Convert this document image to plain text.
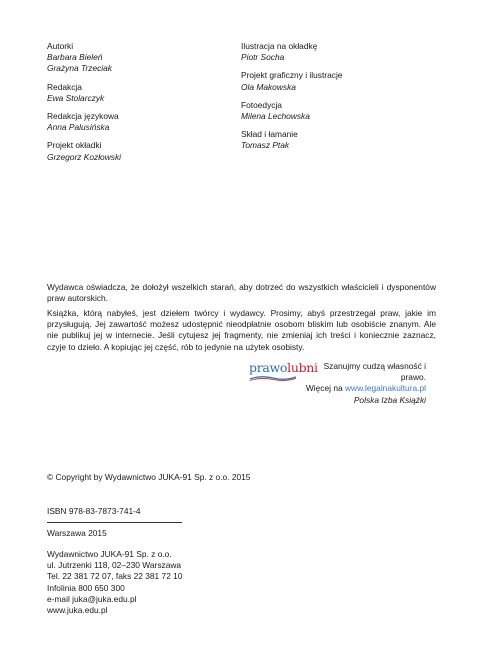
Autorki
Barbara Bieleń
Grażyna Trzeciak
Redakcja
Ewa Stolarczyk
Redakcja językowa
Anna Palusińska
Projekt okładki
Grzegorz Kozłowski
Ilustracja na okładkę
Piotr Socha
Projekt graficzny i ilustracje
Ola Makowska
Fotoedycja
Milena Lechowska
Skład i łamanie
Tomasz Ptak

Wydawca oświadcza, że dołożył wszelkich starań, aby dotrzeć do wszystkich właścicieli i dysponentów praw autorskich.

Książka, którą nabyłeś, jest dziełem twórcy i wydawcy. Prosimy, abyś przestrzegał praw, jakie im przysługują. Jej zawartość możesz udostępnić nieodpłatnie osobom bliskim lub osobiście znanym. Ale nie publikuj jej w internecie. Jeśli cytujesz jej fragmenty, nie zmieniaj ich treści i koniecznie zaznacz, czyje to dzieło. A kopiując jej część, rób to jedynie na użytek osobisty.

prawolubni Szanujmy cudzą własność i prawo.
Więcej na www.legalnakultura.pl
Polska Izba Książki
© Copyright by Wydawnictwo JUKA-91 Sp. z o.o. 2015
ISBN 978-83-7873-741-4
Warszawa 2015
Wydawnictwo JUKA-91 Sp. z o.o.
ul. Jutrzenki 118, 02–230 Warszawa
Tel. 22 381 72 07, faks 22 381 72 10
Infolinia 800 650 300
e-mail juka@juka.edu.pl
www.juka.edu.pl
